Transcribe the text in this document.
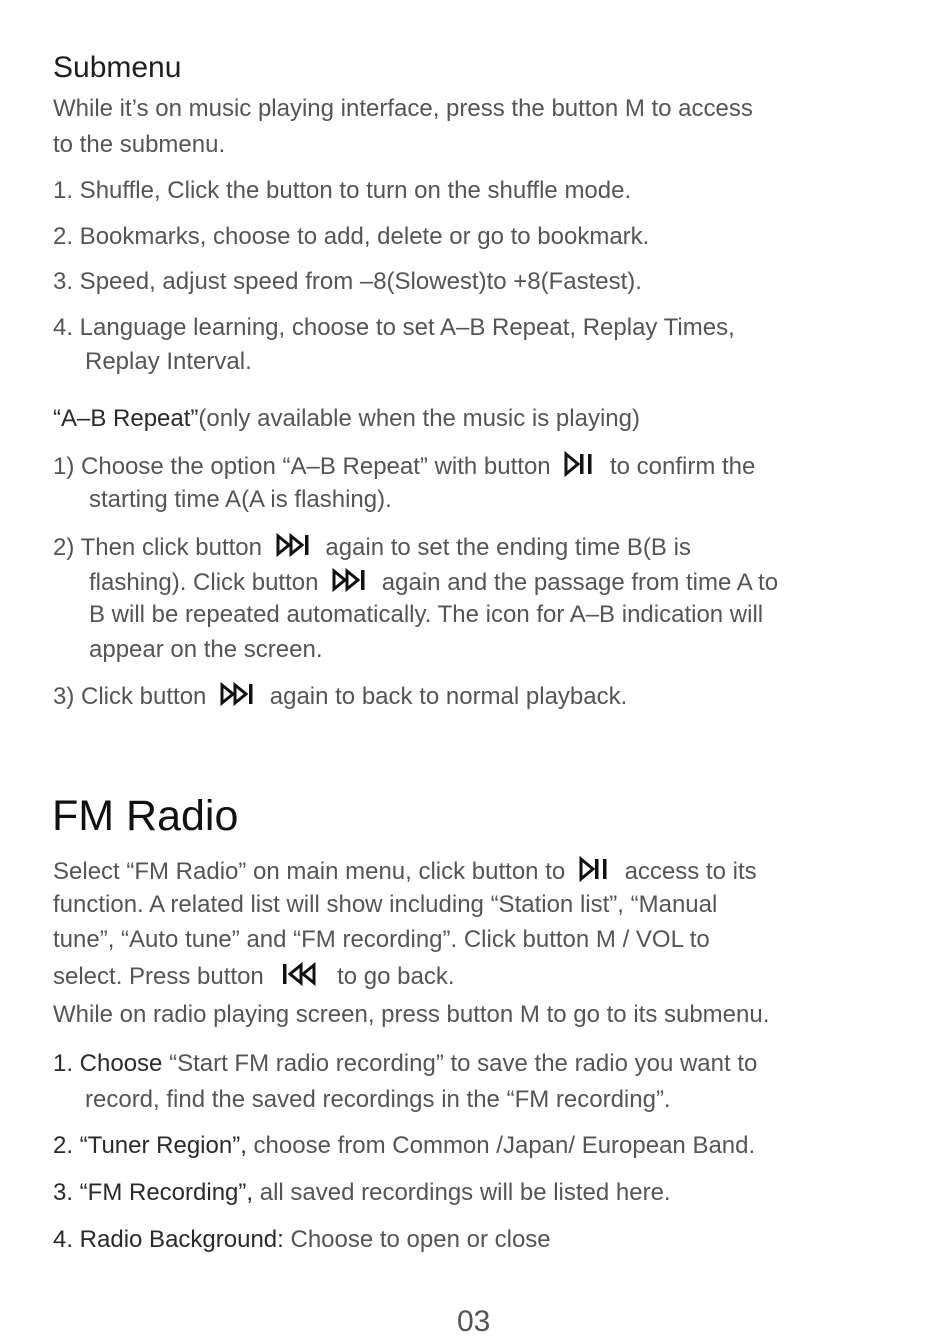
Submenu
While it’s on music playing interface, press the button M to access
to the submenu.
1. Shuffle, Click the button to turn on the shuffle mode.
2. Bookmarks, choose to add, delete or go to bookmark.
3. Speed, adjust speed from –8(Slowest)to +8(Fastest).
4. Language learning, choose to set A–B Repeat, Replay Times,
Replay Interval.
“A–B Repeat”(only available when the music is playing)
1) Choose the option “A–B Repeat” with button to confirm the
starting time A(A is flashing).
2) Then click button	again to set the ending time B(B is
flashing). Click button	again and the passage from time A to
B will be repeated automatically. The icon for A–B indication will
appear on the screen.
3) Click button	again to back to normal playback.
FM Radio
Select “FM Radio” on main menu, click button to access to its
function. A related list will show including “Station list”, “Manual
tune”, “Auto tune” and “FM recording”. Click button M / VOL to
select. Press button	to go back.
While on radio playing screen, press button M to go to its submenu.
1. Choose “Start FM radio recording” to save the radio you want to
record, find the saved recordings in the “FM recording”.
2. “Tuner Region”, choose from Common /Japan/ European Band.
3. “FM Recording”, all saved recordings will be listed here.
4. Radio Background: Choose to open or close
03
